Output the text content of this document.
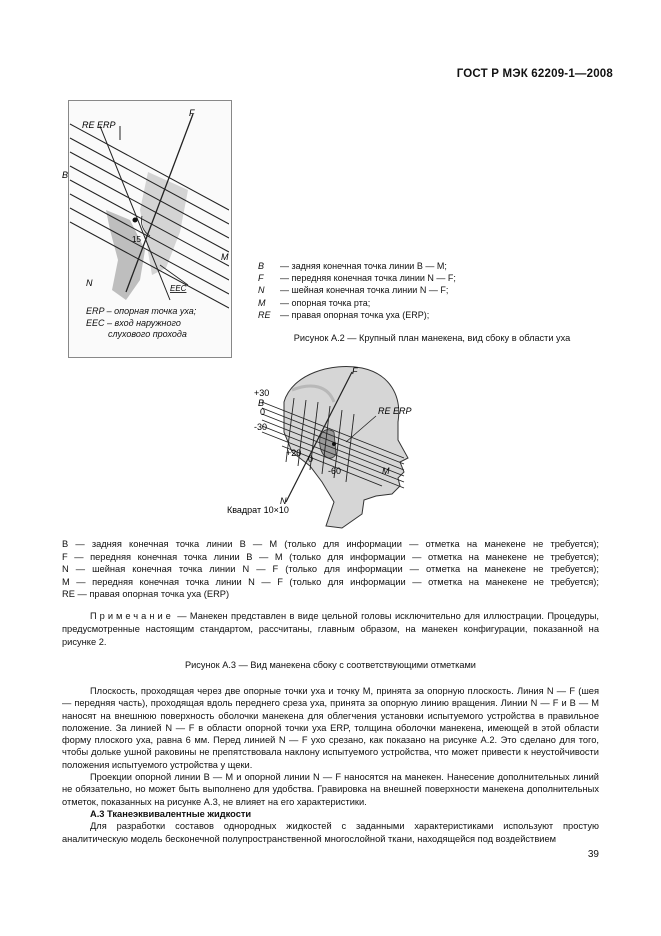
ГОСТ Р МЭК 62209-1—2008
RE ERP
F
B
M
N
15
EEC
ERP – опорная точка уха;
EEC – вход наружного
слухового прохода
B	— задняя конечная точка линии B — M;
F	— передняя конечная точка линии N — F;
N	— шейная конечная точка линии N — F;
M	— опорная точка рта;
RE	— правая опорная точка уха (ERP);
Рисунок А.2 — Крупный план манекена, вид сбоку в области уха
+30
B
0
-30
+20
0
-60
F
RE ERP
M
N
Квадрат 10×10
B — задняя конечная точка линии B — M (только для информации — отметка на манекене не требуется);
F — передняя конечная точка линии B — M (только для информации — отметка на манекене не требуется);
N — шейная конечная точка линии N — F (только для информации — отметка на манекене не требуется);
M — передняя конечная точка линии N — F (только для информации — отметка на манекене не требуется);
RE — правая опорная точка уха (ERP)
Примечание — Манекен представлен в виде цельной головы исключительно для иллюстрации. Процедуры, предусмотренные настоящим стандартом, рассчитаны, главным образом, на манекен конфигурации, показанной на рисунке 2.
Рисунок А.3 — Вид манекена сбоку с соответствующими отметками

Плоскость, проходящая через две опорные точки уха и точку M, принята за опорную плоскость. Линия N — F (шея — передняя часть), проходящая вдоль переднего среза уха, принята за опорную линию вращения. Линии N — F и B — M наносят на внешнюю поверхность оболочки манекена для облегчения установки испытуемого устройства в правильное положение. За линией N — F в области опорной точки уха ERP, толщина оболочки манекена, имеющей в этой области форму плоского уха, равна 6 мм. Перед линией N — F ухо срезано, как показано на рисунке А.2. Это сделано для того, чтобы дольке ушной раковины не препятствовала наклону испытуемого устройства, что может привести к неустойчивости положения испытуемого устройства у щеки.

Проекции опорной линии B — M и опорной линии N — F наносятся на манекен. Нанесение дополнительных линий не обязательно, но может быть выполнено для удобства. Гравировка на внешней поверхности манекена дополнительных отметок, показанных на рисунке А.3, не влияет на его характеристики.

А.3 Тканеэквивалентные жидкости

Для разработки составов однородных жидкостей с заданными характеристиками используют простую аналитическую модель бесконечной полупространственной многослойной ткани, находящейся под воздействием

39
